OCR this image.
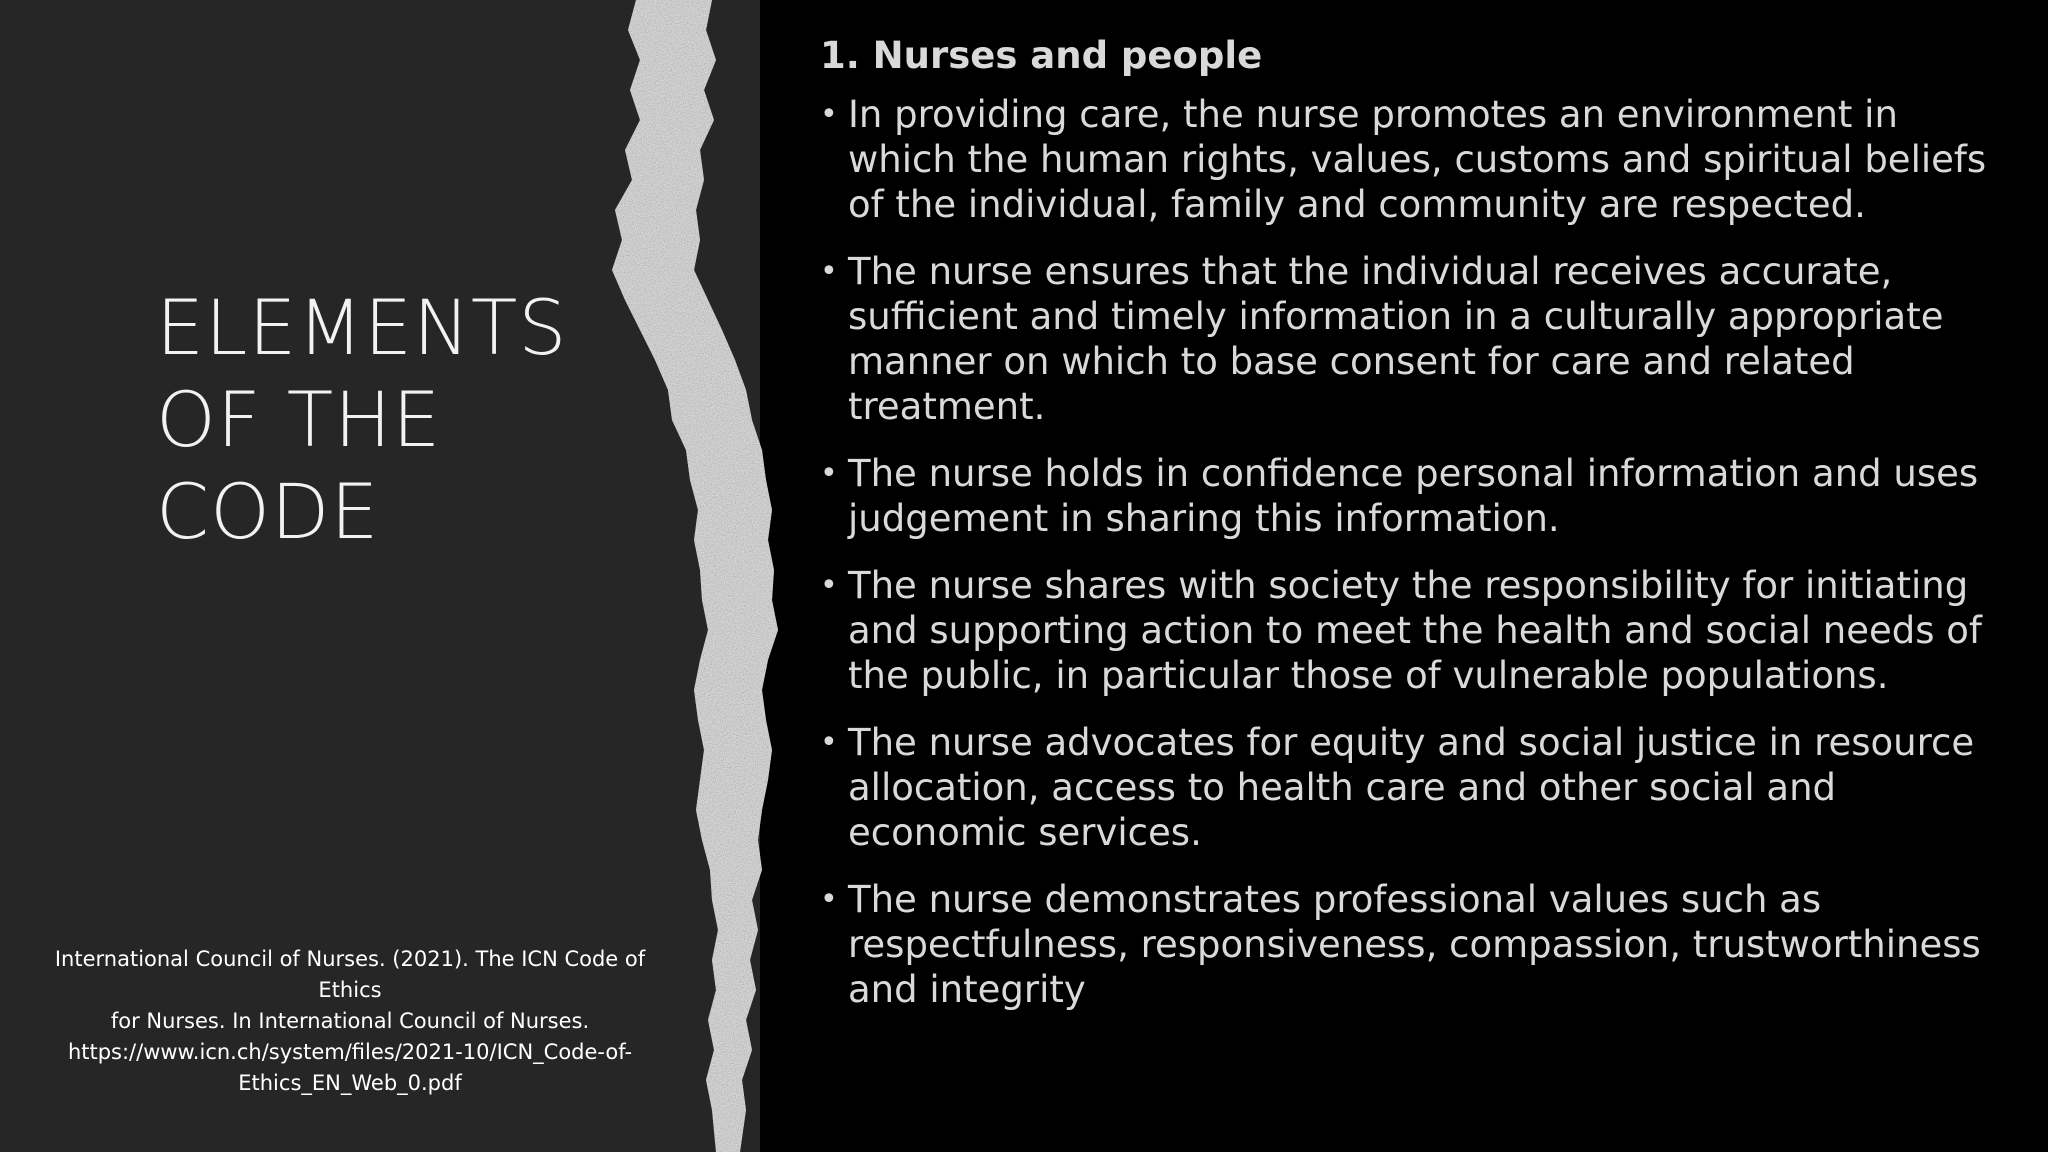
ELEMENTS
OF THE
CODE

International Council of Nurses. (2021). The ICN Code of Ethics
for Nurses. In International Council of Nurses.
https://www.icn.ch/system/files/2021-10/ICN_Code-of-
Ethics_EN_Web_0.pdf

1. Nurses and people
• In providing care, the nurse promotes an environment in which the human rights, values, customs and spiritual beliefs of the individual, family and community are respected.
• The nurse ensures that the individual receives accurate, sufficient and timely information in a culturally appropriate manner on which to base consent for care and related treatment.
• The nurse holds in confidence personal information and uses judgement in sharing this information.
• The nurse shares with society the responsibility for initiating and supporting action to meet the health and social needs of the public, in particular those of vulnerable populations.
• The nurse advocates for equity and social justice in resource allocation, access to health care and other social and economic services.
• The nurse demonstrates professional values such as respectfulness, responsiveness, compassion, trustworthiness and integrity
